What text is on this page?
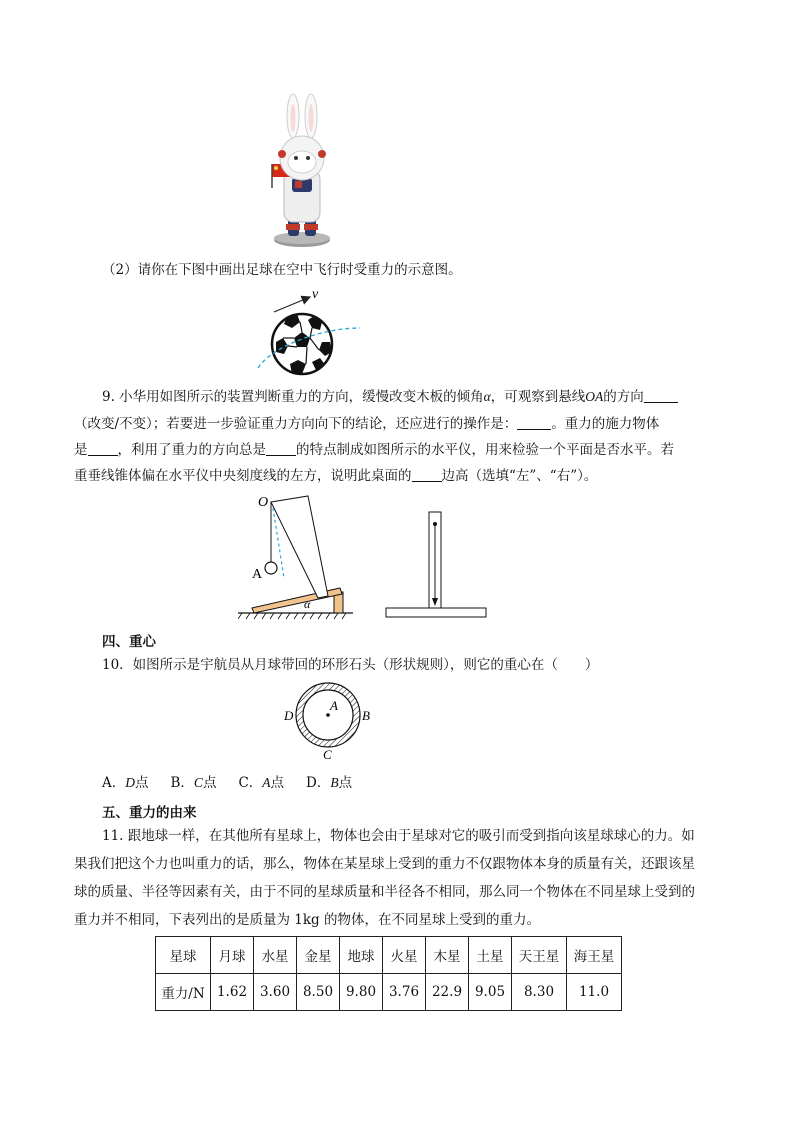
（2）请你在下图中画出足球在空中飞行时受重力的示意图。
v
9. 小华用如图所示的装置判断重力的方向，缓慢改变木板的倾角α，可观察到悬线OA的方向
（改变/不变）；若要进一步验证重力方向向下的结论，还应进行的操作是：	。重力的施力物体
是 ，利用了重力的方向总是 的特点制成如图所示的水平仪，用来检验一个平面是否水平。若
重垂线锥体偏在水平仪中央刻度线的左方，说明此桌面的 边高（选填“左”、“右”）。
O
A
α
四、重心
10．如图所示是宇航员从月球带回的环形石头（形状规则），则它的重心在（　　）
A
B
C
D
A．D点 B．C点 C．A点 D．B点
五、重力的由来
11. 跟地球一样，在其他所有星球上，物体也会由于星球对它的吸引而受到指向该星球球心的力。如
果我们把这个力也叫重力的话，那么，物体在某星球上受到的重力不仅跟物体本身的质量有关，还跟该星
球的质量、半径等因素有关，由于不同的星球质量和半径各不相同，那么同一个物体在不同星球上受到的
重力并不相同，下表列出的是质量为 1kg 的物体，在不同星球上受到的重力。
星球	月球	水星	金星	地球	火星	木星	土星	天王星	海王星
重力/N	1.62	3.60	8.50	9.80	3.76	22.9	9.05	8.30	11.0
